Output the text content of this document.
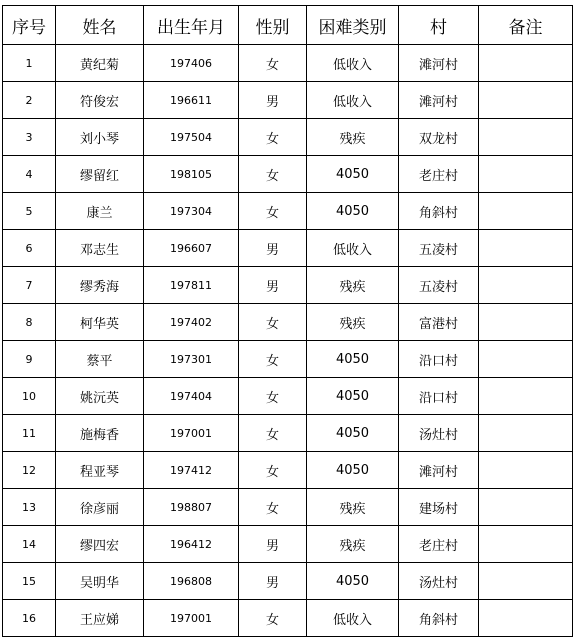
序号	姓名	出生年月	性别	困难类别	村	备注
1	黄纪菊	197406	女	低收入	滩河村	
2	符俊宏	196611	男	低收入	滩河村	
3	刘小琴	197504	女	残疾	双龙村	
4	缪留红	198105	女	4050	老庄村	
5	康兰	197304	女	4050	角斜村	
6	邓志生	196607	男	低收入	五凌村	
7	缪秀海	197811	男	残疾	五凌村	
8	柯华英	197402	女	残疾	富港村	
9	蔡平	197301	女	4050	沿口村	
10	姚沅英	197404	女	4050	沿口村	
11	施梅香	197001	女	4050	汤灶村	
12	程亚琴	197412	女	4050	滩河村	
13	徐彦丽	198807	女	残疾	建场村	
14	缪四宏	196412	男	残疾	老庄村	
15	吴明华	196808	男	4050	汤灶村	
16	王应娣	197001	女	低收入	角斜村	
